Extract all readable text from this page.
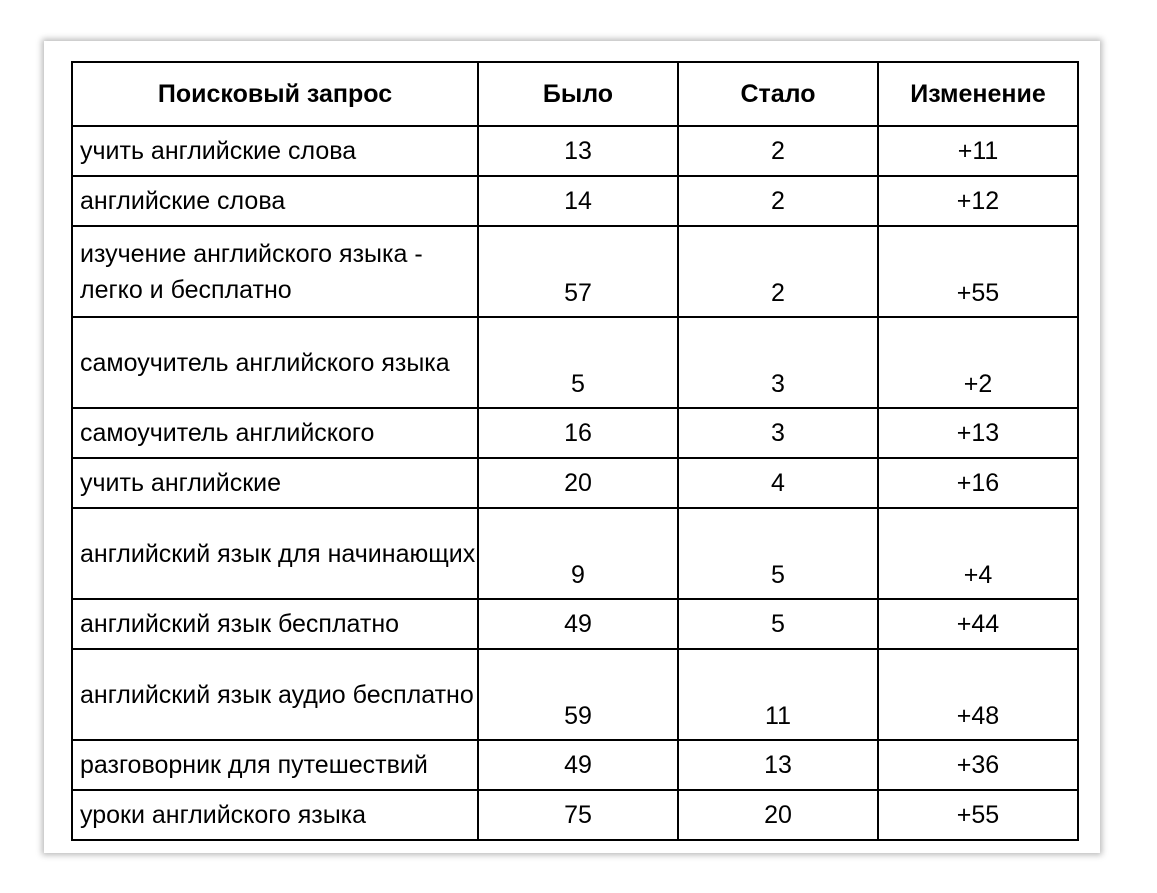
Поисковый запрос	Было	Стало	Изменение
учить английские слова	13	2	+11
английские слова	14	2	+12
изучение английского языка - легко и бесплатно	57	2	+55
самоучитель английского языка	5	3	+2
самоучитель английского	16	3	+13
учить английские	20	4	+16
английский язык для начинающих	9	5	+4
английский язык бесплатно	49	5	+44
английский язык аудио бесплатно	59	11	+48
разговорник для путешествий	49	13	+36
уроки английского языка	75	20	+55
